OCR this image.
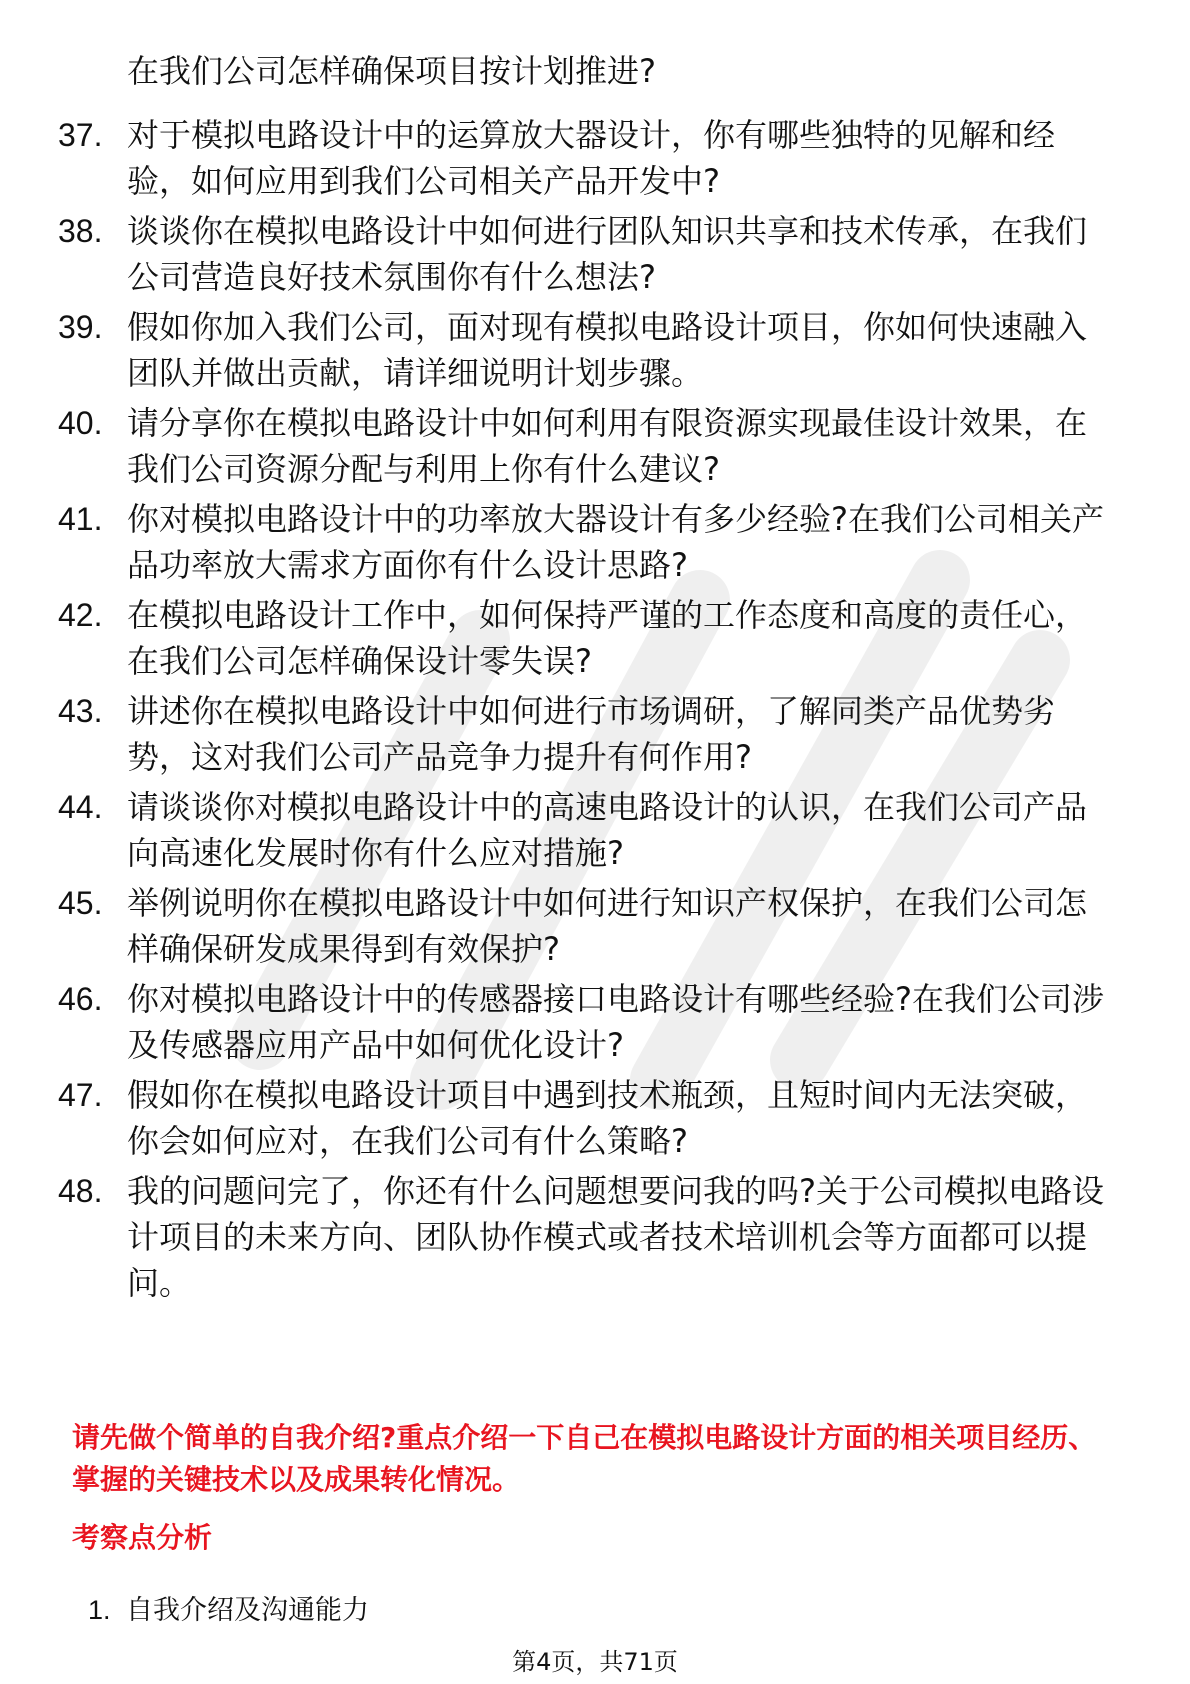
在我们公司怎样确保项目按计划推进?
37. 对于模拟电路设计中的运算放大器设计，你有哪些独特的见解和经验，如何应用到我们公司相关产品开发中?
38. 谈谈你在模拟电路设计中如何进行团队知识共享和技术传承，在我们公司营造良好技术氛围你有什么想法?
39. 假如你加入我们公司，面对现有模拟电路设计项目，你如何快速融入团队并做出贡献，请详细说明计划步骤。
40. 请分享你在模拟电路设计中如何利用有限资源实现最佳设计效果，在我们公司资源分配与利用上你有什么建议?
41. 你对模拟电路设计中的功率放大器设计有多少经验?在我们公司相关产品功率放大需求方面你有什么设计思路?
42. 在模拟电路设计工作中，如何保持严谨的工作态度和高度的责任心，在我们公司怎样确保设计零失误?
43. 讲述你在模拟电路设计中如何进行市场调研，了解同类产品优势劣势，这对我们公司产品竞争力提升有何作用?
44. 请谈谈你对模拟电路设计中的高速电路设计的认识，在我们公司产品向高速化发展时你有什么应对措施?
45. 举例说明你在模拟电路设计中如何进行知识产权保护，在我们公司怎样确保研发成果得到有效保护?
46. 你对模拟电路设计中的传感器接口电路设计有哪些经验?在我们公司涉及传感器应用产品中如何优化设计?
47. 假如你在模拟电路设计项目中遇到技术瓶颈，且短时间内无法突破，你会如何应对，在我们公司有什么策略?
48. 我的问题问完了，你还有什么问题想要问我的吗?关于公司模拟电路设计项目的未来方向、团队协作模式或者技术培训机会等方面都可以提问。
请先做个简单的自我介绍?重点介绍一下自己在模拟电路设计方面的相关项目经历、掌握的关键技术以及成果转化情况。
考察点分析
1. 自我介绍及沟通能力
第4页，共71页
